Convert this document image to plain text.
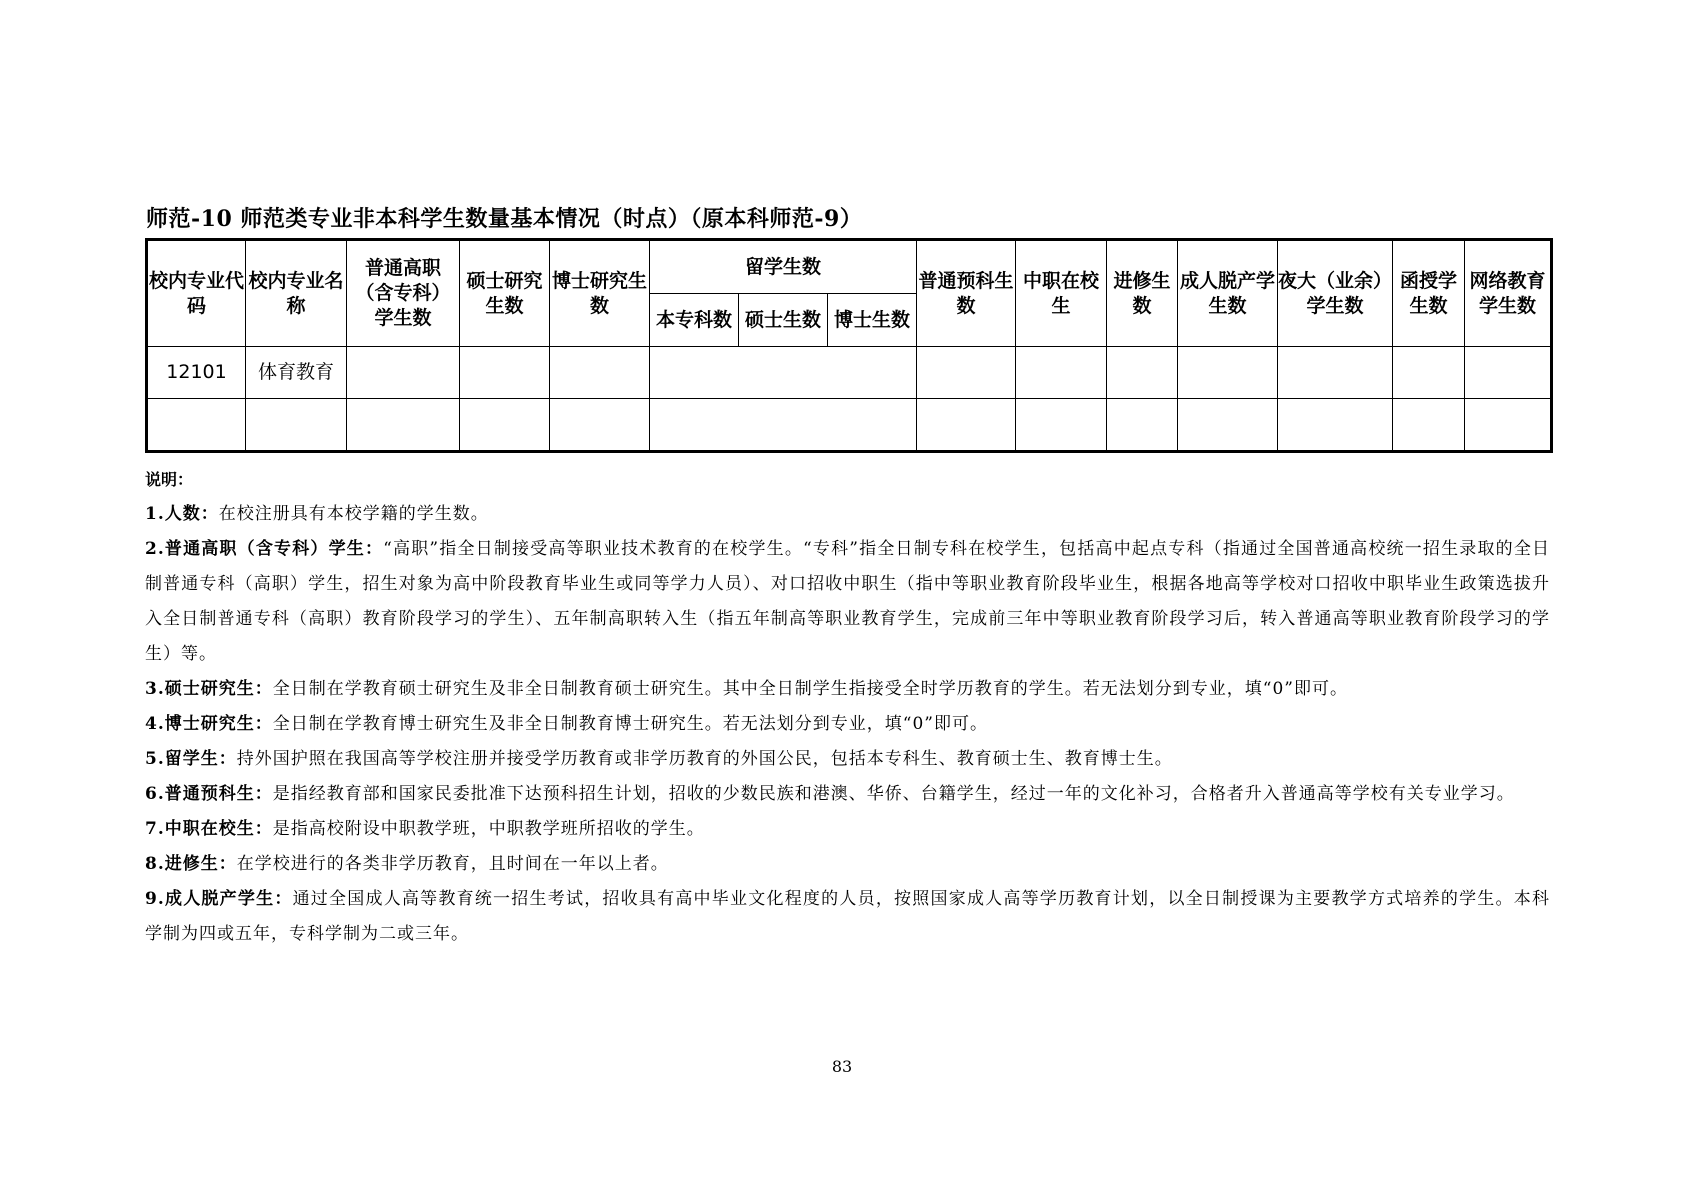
师范-10 师范类专业非本科学生数量基本情况（时点）（原本科师范-9）
校内专业代码	校内专业名称	普通高职（含专科）学生数	硕士研究生数	博士研究生数	留学生数			普通预科生数	中职在校生	进修生数	成人脱产学生数	夜大（业余）学生数	函授学生数	网络教育学生数
					本专科数	硕士生数	博士生数							
12101	体育教育													

说明：
1.人数：在校注册具有本校学籍的学生数。
2.普通高职（含专科）学生：“高职”指全日制接受高等职业技术教育的在校学生。“专科”指全日制专科在校学生，包括高中起点专科（指通过全国普通高校统一招生录取的全日制普通专科（高职）学生，招生对象为高中阶段教育毕业生或同等学力人员）、对口招收中职生（指中等职业教育阶段毕业生，根据各地高等学校对口招收中职毕业生政策选拔升入全日制普通专科（高职）教育阶段学习的学生）、五年制高职转入生（指五年制高等职业教育学生，完成前三年中等职业教育阶段学习后，转入普通高等职业教育阶段学习的学生）等。
3.硕士研究生：全日制在学教育硕士研究生及非全日制教育硕士研究生。其中全日制学生指接受全时学历教育的学生。若无法划分到专业，填“0”即可。
4.博士研究生：全日制在学教育博士研究生及非全日制教育博士研究生。若无法划分到专业，填“0”即可。
5.留学生：持外国护照在我国高等学校注册并接受学历教育或非学历教育的外国公民，包括本专科生、教育硕士生、教育博士生。
6.普通预科生：是指经教育部和国家民委批准下达预科招生计划，招收的少数民族和港澳、华侨、台籍学生，经过一年的文化补习，合格者升入普通高等学校有关专业学习。
7.中职在校生：是指高校附设中职教学班，中职教学班所招收的学生。
8.进修生：在学校进行的各类非学历教育，且时间在一年以上者。
9.成人脱产学生：通过全国成人高等教育统一招生考试，招收具有高中毕业文化程度的人员，按照国家成人高等学历教育计划，以全日制授课为主要教学方式培养的学生。本科学制为四或五年，专科学制为二或三年。
83
